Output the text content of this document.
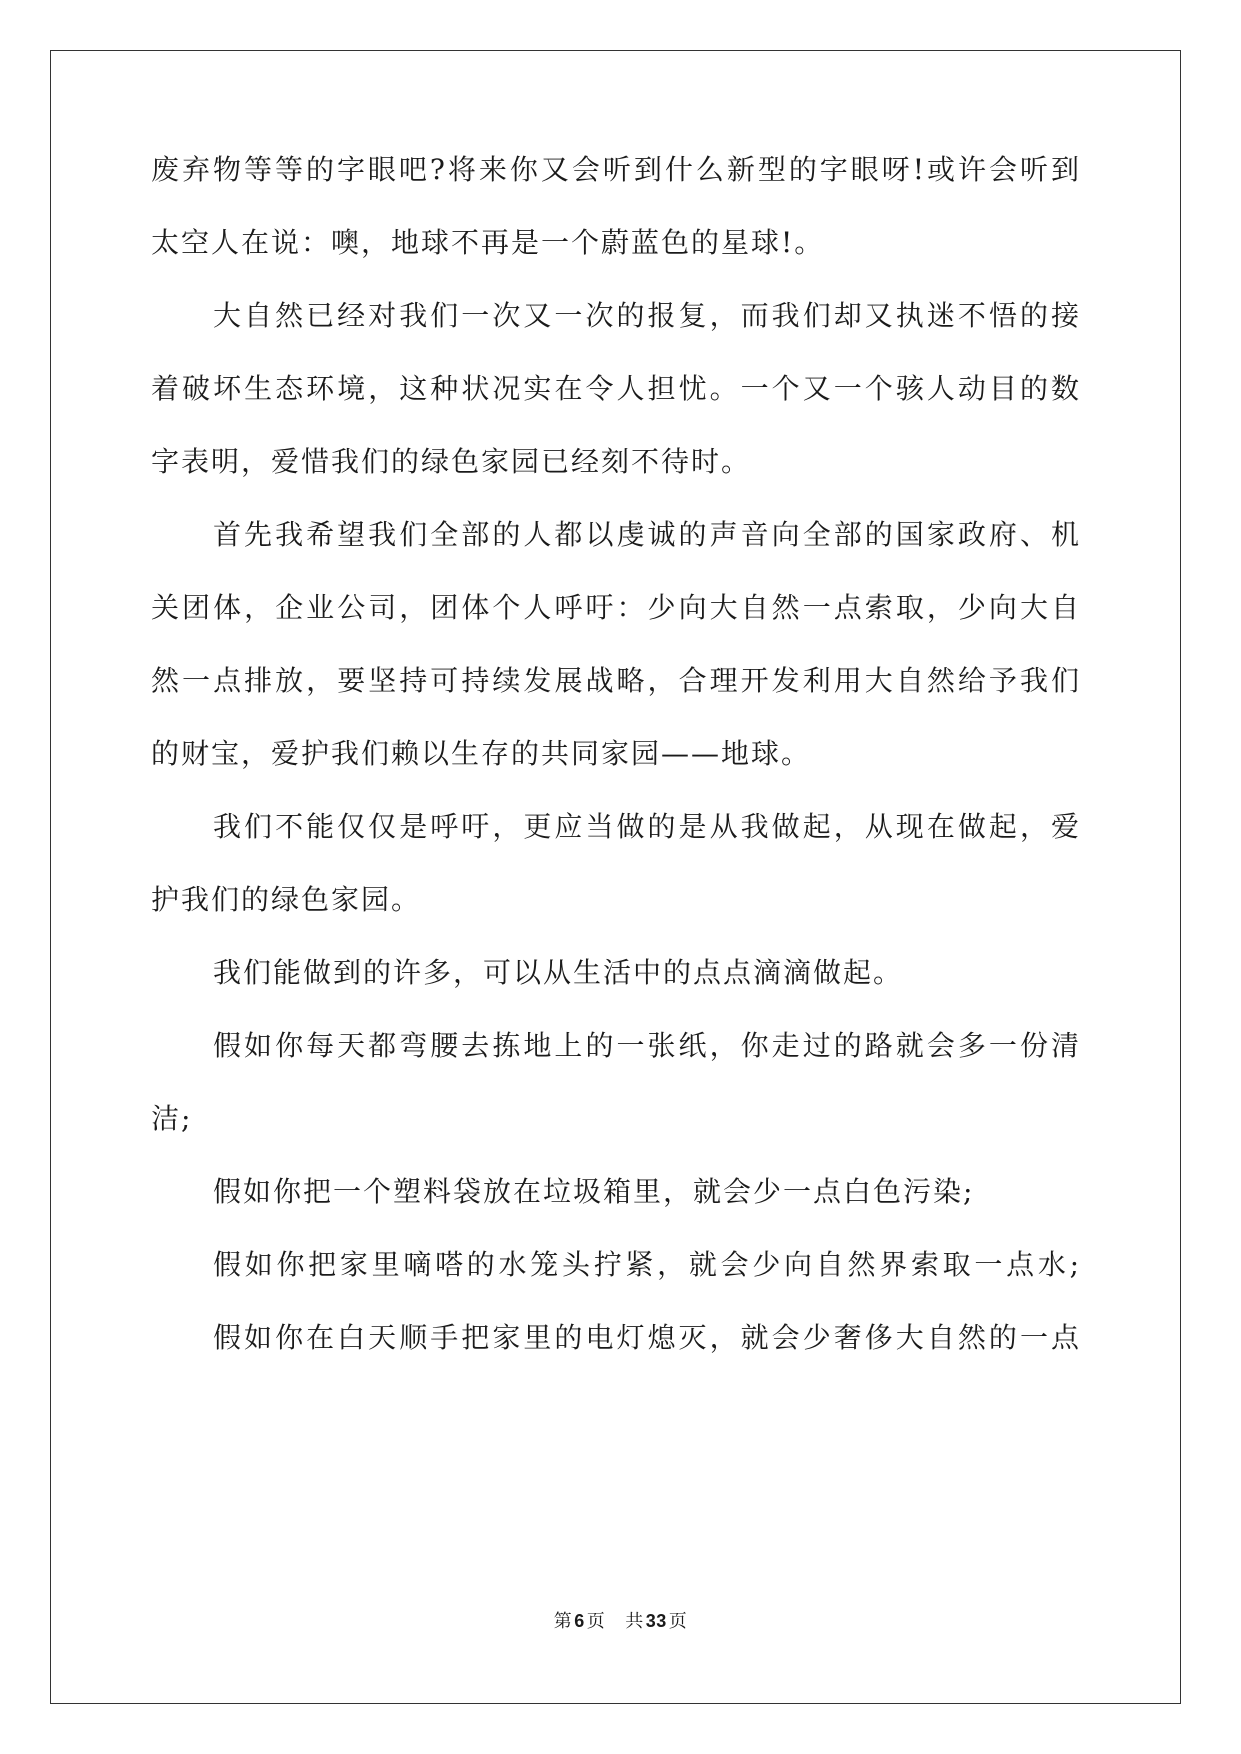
废弃物等等的字眼吧?将来你又会听到什么新型的字眼呀!或许会听到
太空人在说：噢，地球不再是一个蔚蓝色的星球!。
大自然已经对我们一次又一次的报复，而我们却又执迷不悟的接
着破坏生态环境，这种状况实在令人担忧。一个又一个骇人动目的数
字表明，爱惜我们的绿色家园已经刻不待时。
首先我希望我们全部的人都以虔诚的声音向全部的国家政府、机
关团体，企业公司，团体个人呼吁：少向大自然一点索取，少向大自
然一点排放，要坚持可持续发展战略，合理开发利用大自然给予我们
的财宝，爱护我们赖以生存的共同家园——地球。
我们不能仅仅是呼吁，更应当做的是从我做起，从现在做起，爱
护我们的绿色家园。
我们能做到的许多，可以从生活中的点点滴滴做起。
假如你每天都弯腰去拣地上的一张纸，你走过的路就会多一份清
洁;
假如你把一个塑料袋放在垃圾箱里，就会少一点白色污染;
假如你把家里嘀嗒的水笼头拧紧，就会少向自然界索取一点水;
假如你在白天顺手把家里的电灯熄灭，就会少奢侈大自然的一点
第 6 页 共 33 页
